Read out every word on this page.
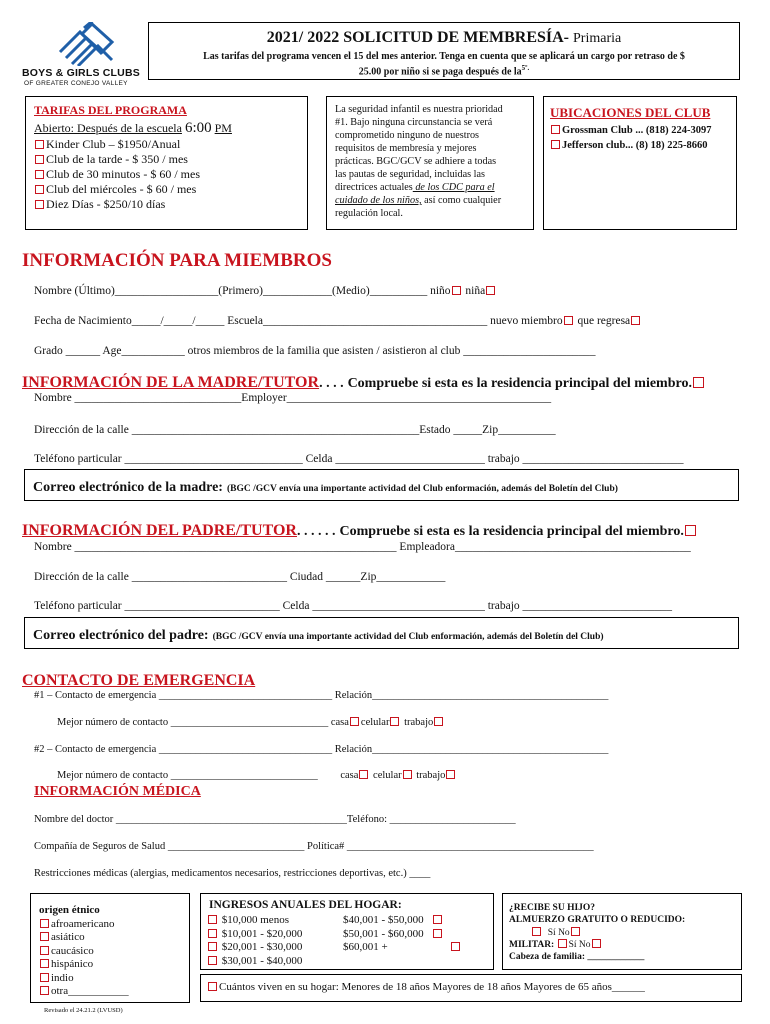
BOYS & GIRLS CLUBS
OF GREATER CONEJO VALLEY
2021/ 2022 SOLICITUD DE MEMBRESÍA- Primaria
Las tarifas del programa vencen el 15 del mes anterior. Tenga en cuenta que se aplicará un cargo por retraso de $
25.00 por niño si se paga después de $la^{5º.}$
TARIFAS DEL PROGRAMA
Abierto: Después de la escuela 6:00 PM
Kinder Club – $1950/Anual
Club de la tarde - $ 350 / mes
Club de 30 minutos - $ 60 / mes
Club del miércoles - $ 60 / mes
Diez Días - $250/10 días
La seguridad infantil es nuestra prioridad
#1. Bajo ninguna circunstancia se verá
comprometido ninguno de nuestros
requisitos de membresía y mejores
prácticas. BGC/GCV se adhiere a todas
las pautas de seguridad, incluidas las
directrices actuales de los CDC para el
cuidado de los niños, así como cualquier
regulación local.
UBICACIONES DEL CLUB
Grossman Club ... (818) 224-3097
Jefferson club... (8) 18) 225-8660
INFORMACIÓN PARA MIEMBROS
Nombre (Último)__________________(Primero)____________(Medio)__________ niño niña
Fecha de Nacimiento_____/_____/_____ Escuela_______________________________________ nuevo miembro que regresa
Grado ______ Age___________ otros miembros de la familia que asisten / asistieron al club _______________________
INFORMACIÓN DE LA MADRE/TUTOR. . . . Compruebe si esta es la residencia principal del miembro.
Nombre _____________________________Employer______________________________________________
Dirección de la calle __________________________________________________Estado _____Zip__________
Teléfono particular _______________________________ Celda __________________________ trabajo ____________________________
Correo electrónico de la madre: (BGC /GCV envía una importante actividad del Club enformación, además del Boletín del Club)
INFORMACIÓN DEL PADRE/TUTOR. . . . . . Compruebe si esta es la residencia principal del miembro.
Nombre ________________________________________________________ Empleadora_________________________________________
Dirección de la calle ___________________________ Ciudad ______Zip____________
Teléfono particular ___________________________ Celda ______________________________ trabajo __________________________
Correo electrónico del padre: (BGC /GCV envía una importante actividad del Club enformación, además del Boletín del Club)
CONTACTO DE EMERGENCIA
#1 – Contacto de emergencia _________________________________ Relación_____________________________________________
Mejor número de contacto ______________________________ casa celular trabajo
#2 – Contacto de emergencia _________________________________ Relación_____________________________________________
Mejor número de contacto ____________________________ casa celular trabajo
INFORMACIÓN MÉDICA
Nombre del doctor ____________________________________________Teléfono: ________________________
Compañía de Seguros de Salud __________________________ Política# _______________________________________________
Restricciones médicas (alergias, medicamentos necesarios, restricciones deportivas, etc.) ____
origen étnico
afroamericano
asiático
caucásico
hispánico
indio
otra___________
INGRESOS ANUALES DEL HOGAR:
$10,000 menos
$10,001 - $20,000
$20,001 - $30,000
$30,001 - $40,000
$40,001 - $50,000
$50,001 - $60,000
$60,001 +
Cuántos viven en su hogar: Menores de 18 años Mayores de 18 años Mayores de 65 años______
¿RECIBE SU HIJO?
ALMUERZO GRATUITO O REDUCIDO:
Sí No
MILITAR: Sí No
Cabeza de familia: ____________
Revisado el 24.21.2 (LVUSD)
